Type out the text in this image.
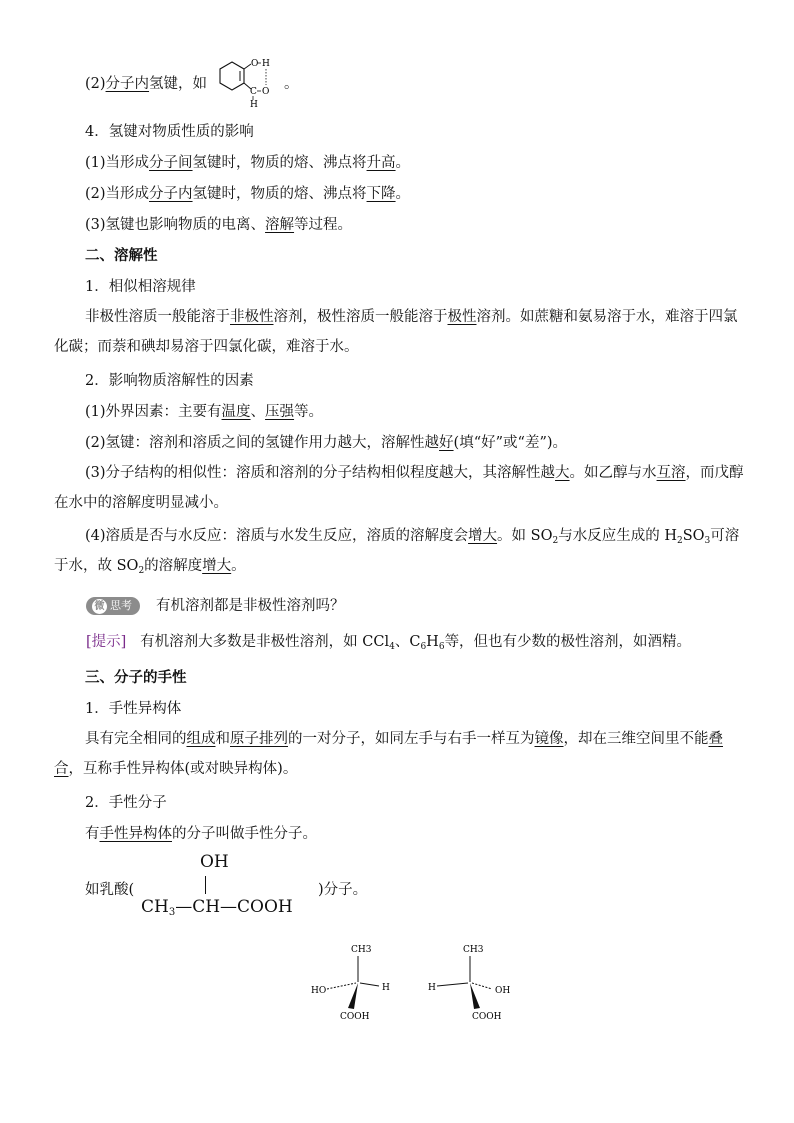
(2)分子内氢键，如
O H
C O
H
。
4．氢键对物质性质的影响
(1)当形成分子间氢键时，物质的熔、沸点将升高。
(2)当形成分子内氢键时，物质的熔、沸点将下降。
(3)氢键也影响物质的电离、溶解等过程。
二、溶解性
1．相似相溶规律
非极性溶质一般能溶于非极性溶剂，极性溶质一般能溶于极性溶剂。如蔗糖和氨易溶于水，难溶于四氯化碳；而萘和碘却易溶于四氯化碳，难溶于水。
2．影响物质溶解性的因素
(1)外界因素：主要有温度、压强等。
(2)氢键：溶剂和溶质之间的氢键作用力越大，溶解性越好(填“好”或“差”)。
(3)分子结构的相似性：溶质和溶剂的分子结构相似程度越大，其溶解性越大。如乙醇与水互溶，而戊醇在水中的溶解度明显减小。
(4)溶质是否与水反应：溶质与水发生反应，溶质的溶解度会增大。如 $SO_2$与水反应生成的 $H_2SO_3$可溶于水，故 $SO_2$的溶解度增大。
微 思考 有机溶剂都是非极性溶剂吗？
[提示] 有机溶剂大多数是非极性溶剂，如 CCl$_4$、$C_6H_6$等，但也有少数的极性溶剂，如酒精。
三、分子的手性
1．手性异构体
具有完全相同的组成和原子排列的一对分子，如同左手与右手一样互为镜像，却在三维空间里不能叠合，互称手性异构体(或对映异构体)。
2．手性分子
有手性异构体的分子叫做手性分子。
如乳酸(
OH
$CH_3—CH—COOH$
)分子。
CH3
HO	H
COOH
CH3
H	OH
COOH
